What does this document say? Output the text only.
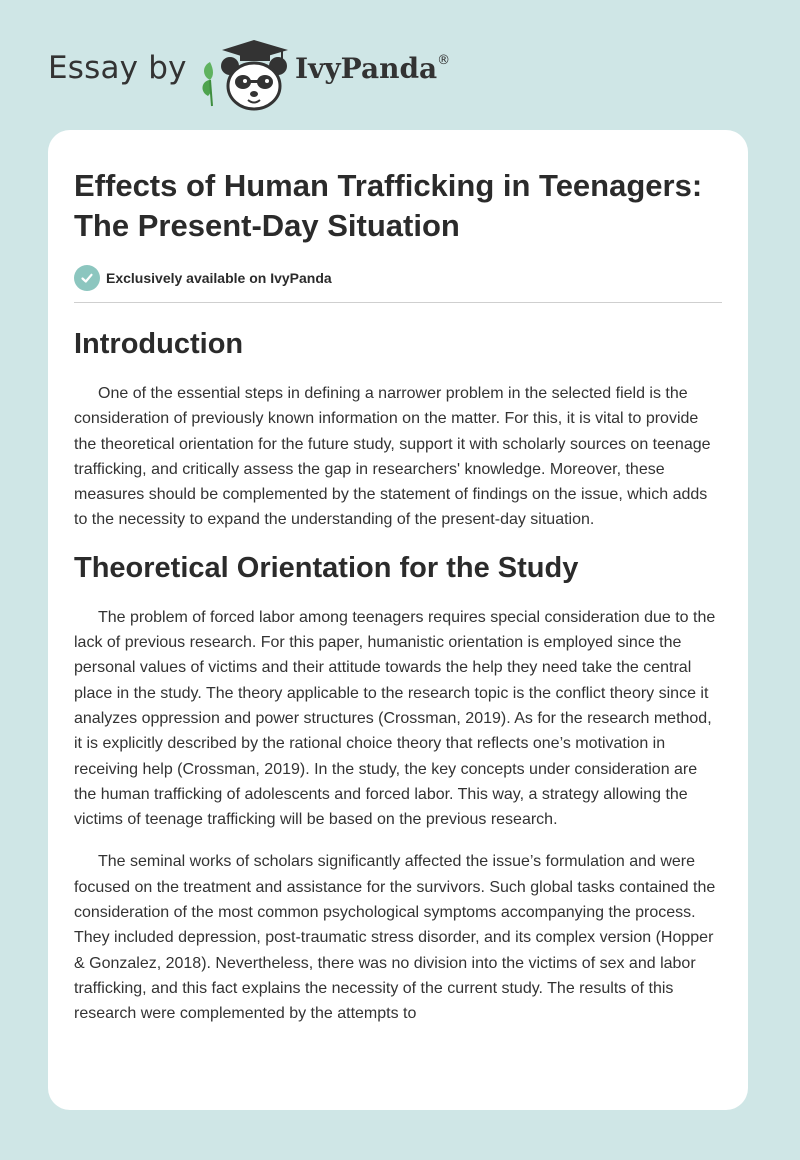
Essay by	IvyPanda®
Effects of Human Trafficking in Teenagers: The Present-Day Situation
Exclusively available on IvyPanda
Introduction

One of the essential steps in defining a narrower problem in the selected field is the consideration of previously known information on the matter. For this, it is vital to provide the theoretical orientation for the future study, support it with scholarly sources on teenage trafficking, and critically assess the gap in researchers' knowledge. Moreover, these measures should be complemented by the statement of findings on the issue, which adds to the necessity to expand the understanding of the present-day situation.

Theoretical Orientation for the Study

The problem of forced labor among teenagers requires special consideration due to the lack of previous research. For this paper, humanistic orientation is employed since the personal values of victims and their attitude towards the help they need take the central place in the study. The theory applicable to the research topic is the conflict theory since it analyzes oppression and power structures (Crossman, 2019). As for the research method, it is explicitly described by the rational choice theory that reflects one’s motivation in receiving help (Crossman, 2019). In the study, the key concepts under consideration are the human trafficking of adolescents and forced labor. This way, a strategy allowing the victims of teenage trafficking will be based on the previous research.

The seminal works of scholars significantly affected the issue’s formulation and were focused on the treatment and assistance for the survivors. Such global tasks contained the consideration of the most common psychological symptoms accompanying the process. They included depression, post-traumatic stress disorder, and its complex version (Hopper & Gonzalez, 2018). Nevertheless, there was no division into the victims of sex and labor trafficking, and this fact explains the necessity of the current study. The results of this research were complemented by the attempts to
